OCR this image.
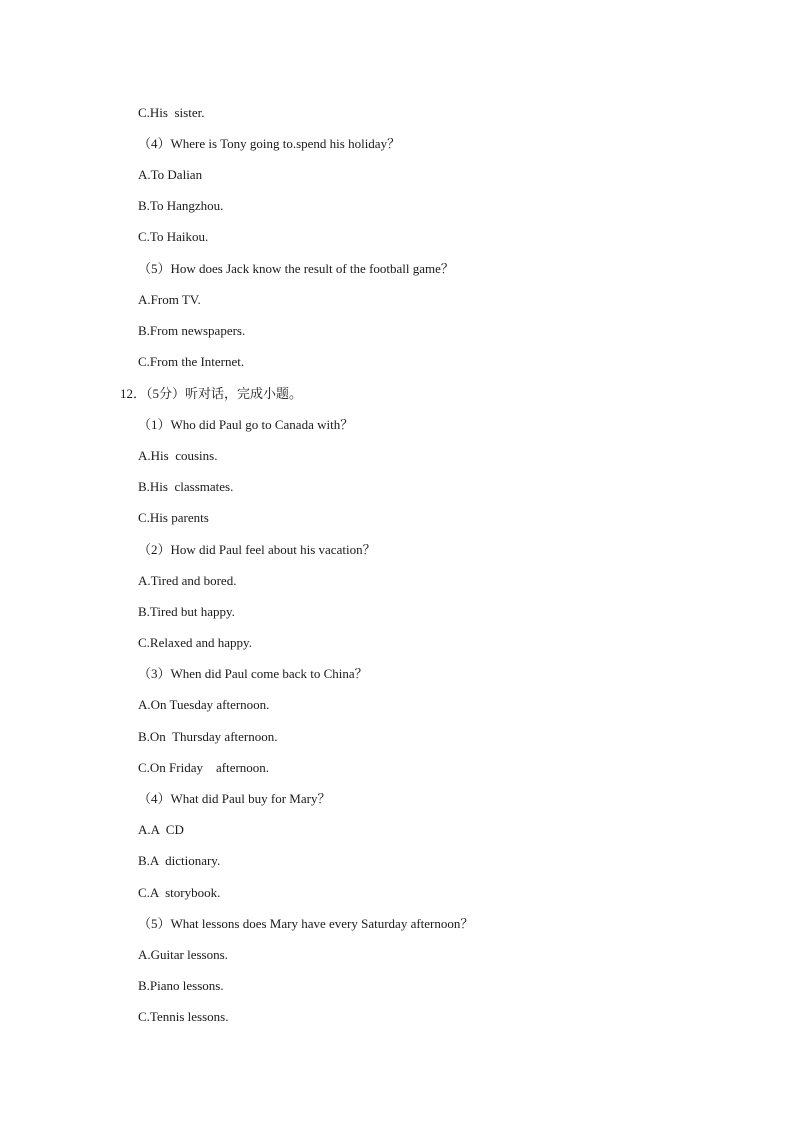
C.His  sister.
（4）Where is Tony going to.spend his holiday？
A.To Dalian
B.To Hangzhou.
C.To Haikou.
（5）How does Jack know the result of the football game？
A.From TV.
B.From newspapers.
C.From the Internet.
12．（5分）听对话，完成小题。
（1）Who did Paul go to Canada with？
A.His  cousins.
B.His  classmates.
C.His parents
（2）How did Paul feel about his vacation？
A.Tired and bored.
B.Tired but happy.
C.Relaxed and happy.
（3）When did Paul come back to China？
A.On Tuesday afternoon.
B.On  Thursday afternoon.
C.On Friday    afternoon.
（4）What did Paul buy for Mary？
A.A  CD
B.A  dictionary.
C.A  storybook.
（5）What lessons does Mary have every Saturday afternoon？
A.Guitar lessons.
B.Piano lessons.
C.Tennis lessons.
